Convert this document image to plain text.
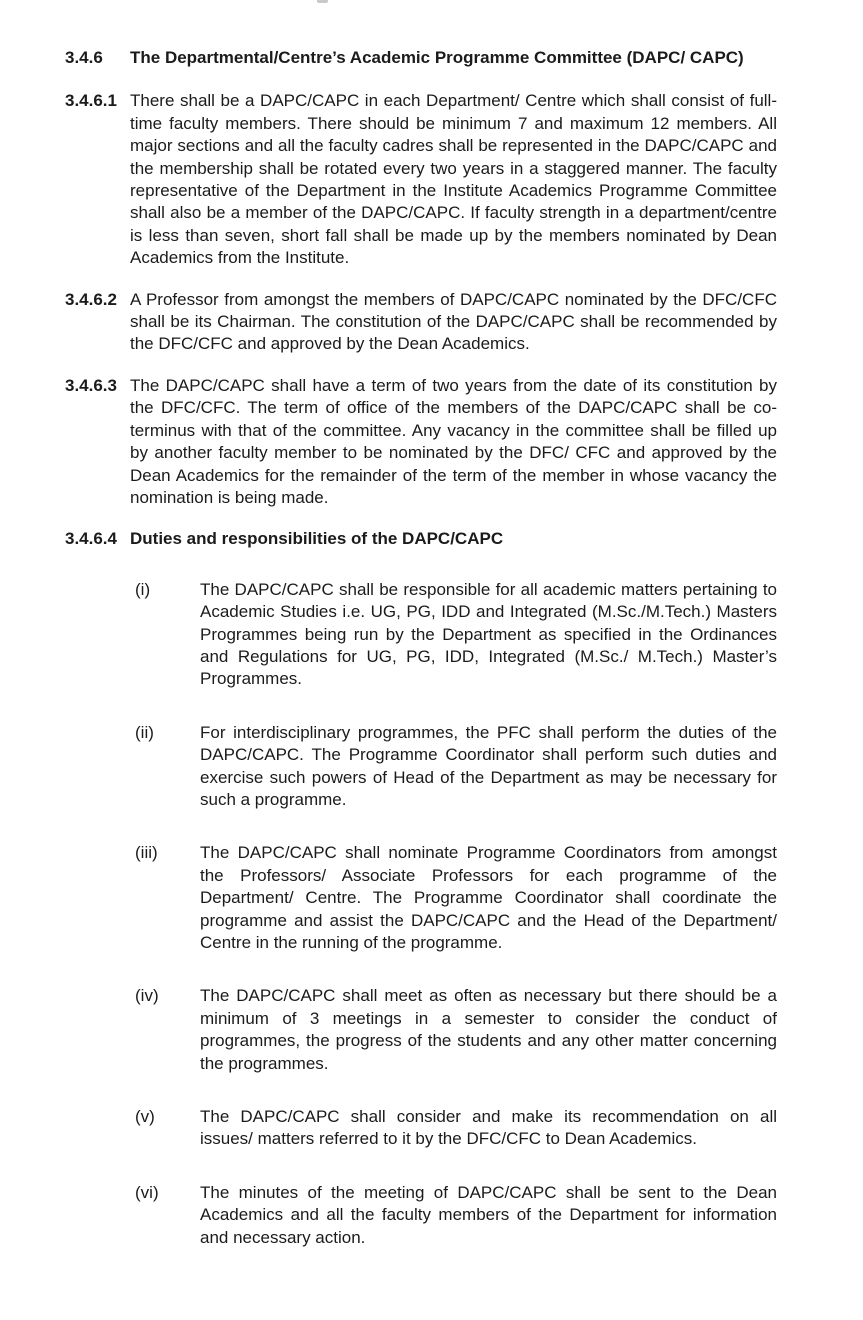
3.4.6 The Departmental/Centre’s Academic Programme Committee (DAPC/ CAPC)
3.4.6.1 There shall be a DAPC/CAPC in each Department/ Centre which shall consist of full-time faculty members. There should be minimum 7 and maximum 12 members. All major sections and all the faculty cadres shall be represented in the DAPC/CAPC and the membership shall be rotated every two years in a staggered manner. The faculty representative of the Department in the Institute Academics Programme Committee shall also be a member of the DAPC/CAPC. If faculty strength in a department/centre is less than seven, short fall shall be made up by the members nominated by Dean Academics from the Institute.
3.4.6.2 A Professor from amongst the members of DAPC/CAPC nominated by the DFC/CFC shall be its Chairman. The constitution of the DAPC/CAPC shall be recommended by the DFC/CFC and approved by the Dean Academics.
3.4.6.3 The DAPC/CAPC shall have a term of two years from the date of its constitution by the DFC/CFC. The term of office of the members of the DAPC/CAPC shall be co-terminus with that of the committee. Any vacancy in the committee shall be filled up by another faculty member to be nominated by the DFC/ CFC and approved by the Dean Academics for the remainder of the term of the member in whose vacancy the nomination is being made.
3.4.6.4 Duties and responsibilities of the DAPC/CAPC
(i)	The DAPC/CAPC shall be responsible for all academic matters pertaining to Academic Studies i.e. UG, PG, IDD and Integrated (M.Sc./M.Tech.) Masters Programmes being run by the Department as specified in the Ordinances and Regulations for UG, PG, IDD, Integrated (M.Sc./ M.Tech.) Master’s Programmes.
(ii)	For interdisciplinary programmes, the PFC shall perform the duties of the DAPC/CAPC. The Programme Coordinator shall perform such duties and exercise such powers of Head of the Department as may be necessary for such a programme.
(iii) The DAPC/CAPC shall nominate Programme Coordinators from amongst the Professors/ Associate Professors for each programme of the Department/ Centre. The Programme Coordinator shall coordinate the programme and assist the DAPC/CAPC and the Head of the Department/ Centre in the running of the programme.
(iv) The DAPC/CAPC shall meet as often as necessary but there should be a minimum of 3 meetings in a semester to consider the conduct of programmes, the progress of the students and any other matter concerning the programmes.
(v)	The DAPC/CAPC shall consider and make its recommendation on all issues/ matters referred to it by the DFC/CFC to Dean Academics.
(vi) The minutes of the meeting of DAPC/CAPC shall be sent to the Dean Academics and all the faculty members of the Department for information and necessary action.
